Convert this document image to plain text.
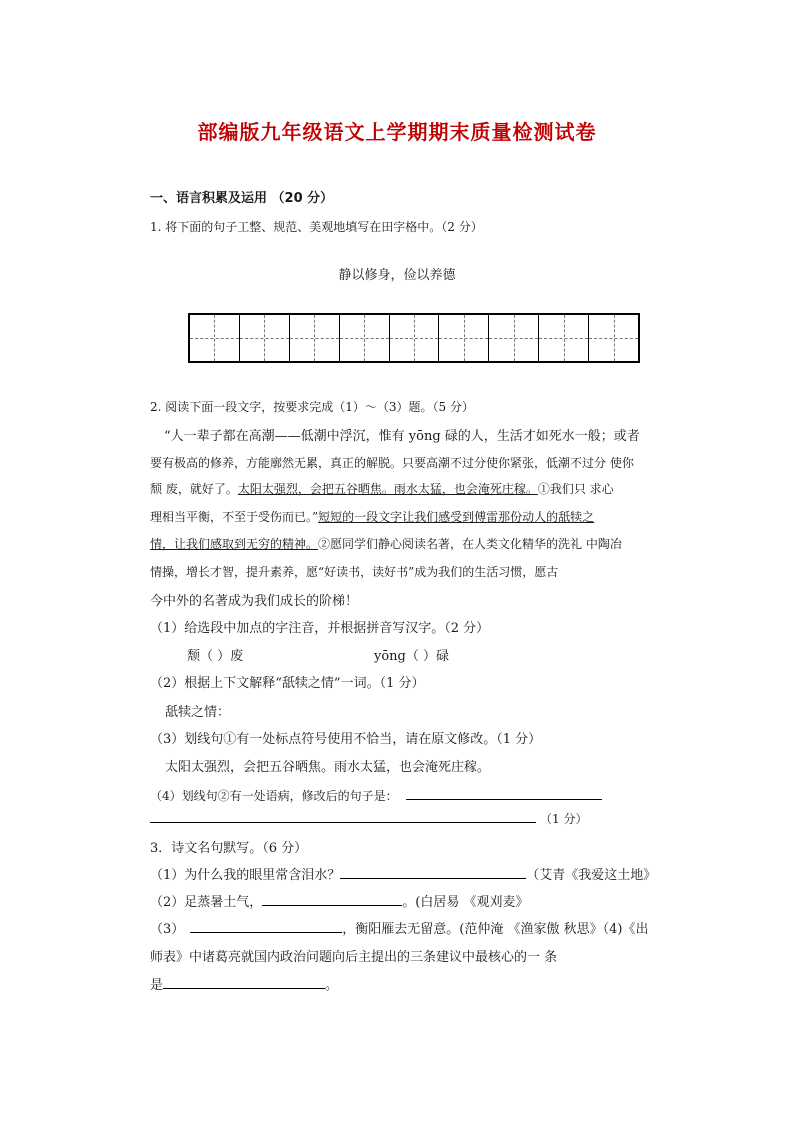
部编版九年级语文上学期期末质量检测试卷
一、语言积累及运用 （20 分）
1. 将下面的句子工整、规范、美观地填写在田字格中。（2 分）
静以修身，俭以养德
2. 阅读下面一段文字，按要求完成（1）～（3）题。（5 分）
“人一辈子都在高潮——低潮中浮沉，惟有 yōng 碌的人，生活才如死水一般；或者
要有极高的修养，方能廓然无累，真正的解脱。只要高潮不过分使你紧张，低潮不过分 使你
颓 废，就好了。太阳太强烈，会把五谷晒焦。雨水太猛，也会淹死庄稼。①我们只 求心
理相当平衡，不至于受伤而已。”短短的一段文字让我们感受到傅雷那份动人的舐犊之
情，让我们感取到无穷的精神。②愿同学们静心阅读名著，在人类文化精华的洗礼 中陶冶
情操，增长才智，提升素养，愿“好读书，读好书”成为我们的生活习惯，愿古
今中外的名著成为我们成长的阶梯！
（1）给选段中加点的字注音，并根据拼音写汉字。（2 分）
颓（ ）废	yōng（ ）碌
（2）根据上下文解释“舐犊之情”一词。（1 分）
舐犊之情：
（3）划线句①有一处标点符号使用不恰当，请在原文修改。（1 分）
太阳太强烈，会把五谷晒焦。雨水太猛，也会淹死庄稼。
（4）划线句②有一处语病，修改后的句子是：
（1 分）
3．诗文名句默写。（6 分）
（1）为什么我的眼里常含泪水？	（艾青《我爱这土地》
（2）足蒸暑土气，	。(白居易 《观刈麦》
（3）	，衡阳雁去无留意。(范仲淹 《渔家傲 秋思》（4)《出
师表》中诸葛亮就国内政治问题向后主提出的三条建议中最核心的一 条
是	。
